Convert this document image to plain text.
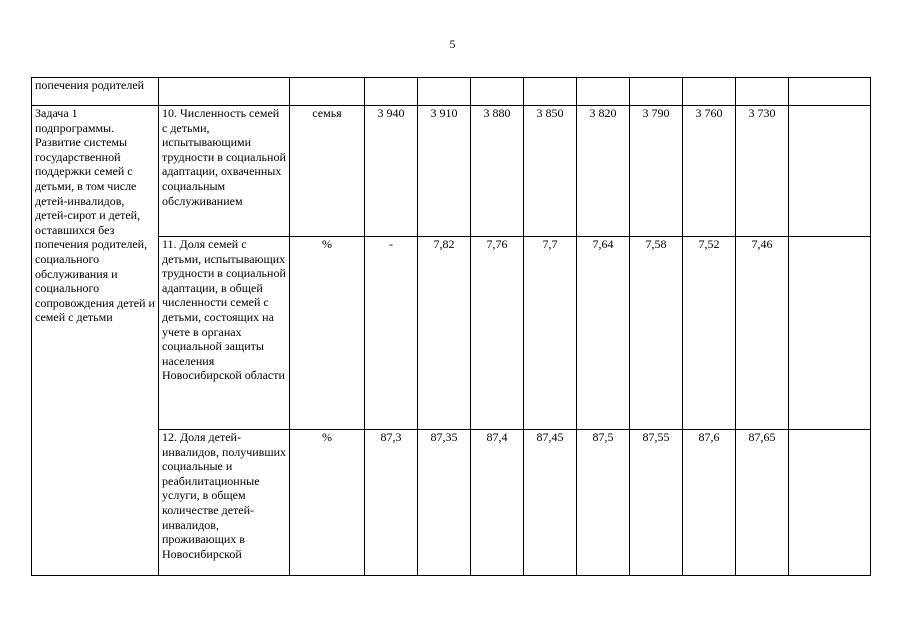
5
попечения родителей											
Задача 1 подпрограммы. Развитие системы государственной поддержки семей с детьми, в том числе детей-инвалидов, детей-сирот и детей, оставшихся без попечения родителей, социального обслуживания и социального сопровождения детей и семей с детьми	10. Численность семей с детьми, испытывающими трудности в социальной адаптации, охваченных социальным обслуживанием	семья	3 940	3 910	3 880	3 850	3 820	3 790	3 760	3 730	
	11. Доля семей с детьми, испытывающих трудности в социальной адаптации, в общей численности семей с детьми, состоящих на учете в органах социальной защиты населения Новосибирской области	%	-	7,82	7,76	7,7	7,64	7,58	7,52	7,46	
	12. Доля детей-инвалидов, получивших социальные и реабилитационные услуги, в общем количестве детей-инвалидов, проживающих в Новосибирской	%	87,3	87,35	87,4	87,45	87,5	87,55	87,6	87,65	
